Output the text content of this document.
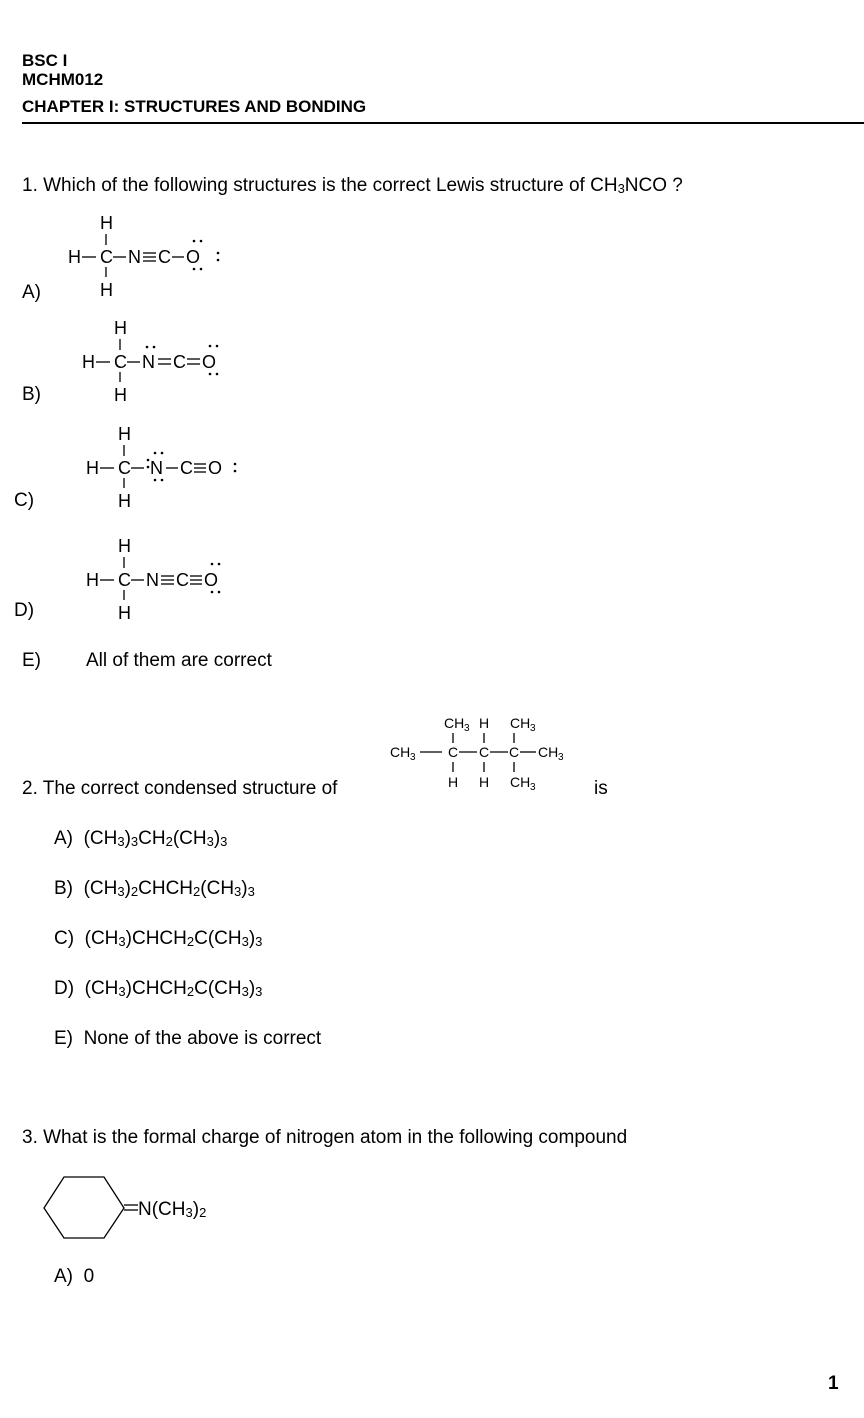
BSC I
MCHM012
CHAPTER I: STRUCTURES AND BONDING
1. Which of the following structures is the correct Lewis structure of $CH_3NCO$ ?
A)
H
H C N C O
H
B)
H
H C N C O
H
C)
H
H C N C O
H
D)
H
H C N C O
H
E) All of them are correct
2. The correct condensed structure of
CH 3 H CH 3
CH 3 C C C CH 3
H H CH 3	is
A) $(CH_3)_3CH_2(CH_3)_3$
B) $(CH_3)_2CHCH_2(CH_3)_3$
C) $(CH_3)CHCH_2C(CH_3)_3$
D) $(CH_3)CHCH_2C(CH_3)_3$
E) None of the above is correct
3. What is the formal charge of nitrogen atom in the following compound
$N(CH_3)_2$
A) 0
1
